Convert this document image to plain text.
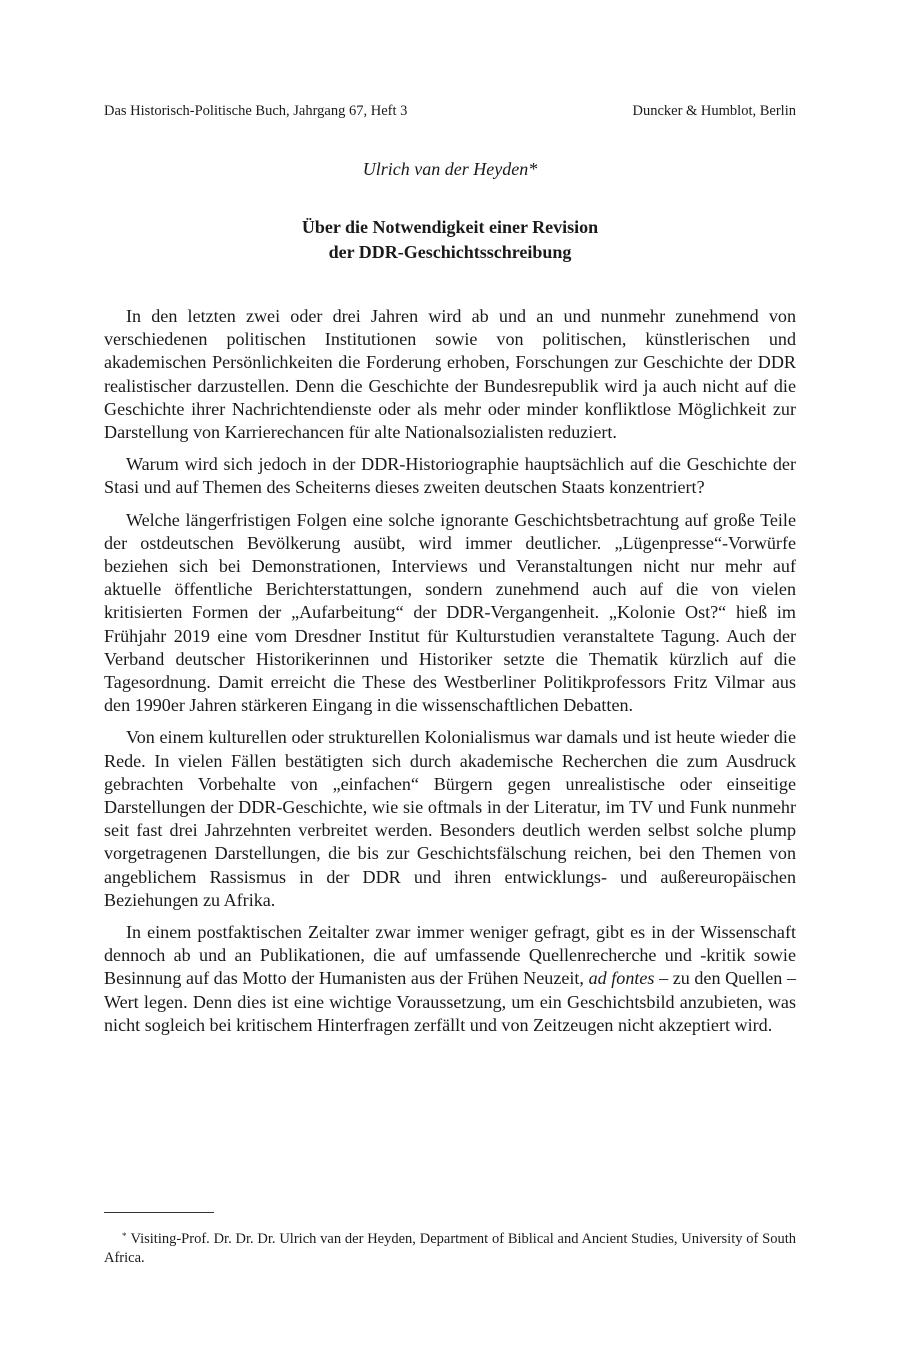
Das Historisch-Politische Buch, Jahrgang 67, Heft 3	Duncker & Humblot, Berlin
Ulrich van der Heyden*
Über die Notwendigkeit einer Revision
der DDR-Geschichtsschreibung

In den letzten zwei oder drei Jahren wird ab und an und nunmehr zunehmend von verschiedenen politischen Institutionen sowie von politischen, künstlerischen und akademischen Persönlichkeiten die Forderung erhoben, Forschungen zur Geschichte der DDR realistischer darzustellen. Denn die Geschichte der Bundesrepublik wird ja auch nicht auf die Geschichte ihrer Nachrichtendienste oder als mehr oder minder konfliktlose Möglichkeit zur Darstellung von Karrierechancen für alte Nationalsozialisten reduziert.

Warum wird sich jedoch in der DDR-Historiographie hauptsächlich auf die Geschichte der Stasi und auf Themen des Scheiterns dieses zweiten deutschen Staats konzentriert?

Welche längerfristigen Folgen eine solche ignorante Geschichtsbetrachtung auf große Teile der ostdeutschen Bevölkerung ausübt, wird immer deutlicher. „Lügenpresse“-Vorwürfe beziehen sich bei Demonstrationen, Interviews und Veranstaltungen nicht nur mehr auf aktuelle öffentliche Berichterstattungen, sondern zunehmend auch auf die von vielen kritisierten Formen der „Aufarbeitung“ der DDR-Vergangenheit. „Kolonie Ost?“ hieß im Frühjahr 2019 eine vom Dresdner Institut für Kulturstudien veranstaltete Tagung. Auch der Verband deutscher Historikerinnen und Historiker setzte die Thematik kürzlich auf die Tagesordnung. Damit erreicht die These des Westberliner Politikprofessors Fritz Vilmar aus den 1990er Jahren stärkeren Eingang in die wissenschaftlichen Debatten.

Von einem kulturellen oder strukturellen Kolonialismus war damals und ist heute wieder die Rede. In vielen Fällen bestätigten sich durch akademische Recherchen die zum Ausdruck gebrachten Vorbehalte von „einfachen“ Bürgern gegen unrealistische oder einseitige Darstellungen der DDR-Geschichte, wie sie oftmals in der Literatur, im TV und Funk nunmehr seit fast drei Jahrzehnten verbreitet werden. Besonders deutlich werden selbst solche plump vorgetragenen Darstellungen, die bis zur Geschichtsfälschung reichen, bei den Themen von angeblichem Rassismus in der DDR und ihren entwicklungs- und außereuropäischen Beziehungen zu Afrika.

In einem postfaktischen Zeitalter zwar immer weniger gefragt, gibt es in der Wissenschaft dennoch ab und an Publikationen, die auf umfassende Quellenrecherche und -kritik sowie Besinnung auf das Motto der Humanisten aus der Frühen Neuzeit, ad fontes – zu den Quellen – Wert legen. Denn dies ist eine wichtige Voraussetzung, um ein Geschichtsbild anzubieten, was nicht sogleich bei kritischem Hinterfragen zerfällt und von Zeitzeugen nicht akzeptiert wird.

* Visiting-Prof. Dr. Dr. Dr. Ulrich van der Heyden, Department of Biblical and Ancient Studies, University of South Africa.
